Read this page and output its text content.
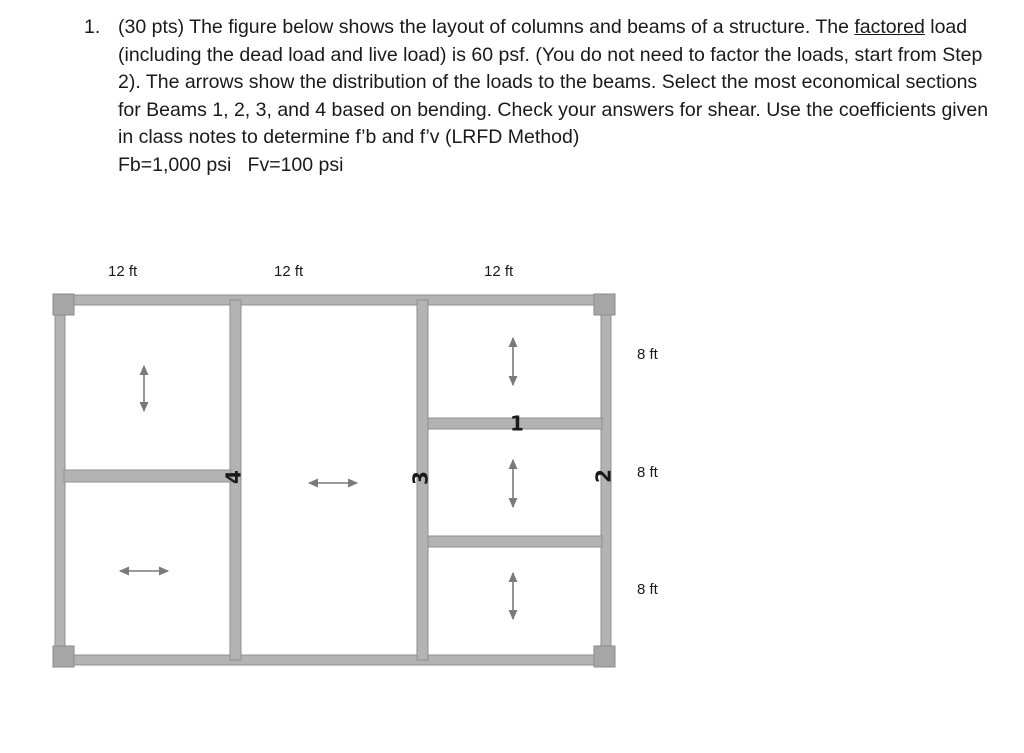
1. (30 pts) The figure below shows the layout of columns and beams of a structure. The factored load (including the dead load and live load) is 60 psf. (You do not need to factor the loads, start from Step 2). The arrows show the distribution of the loads to the beams. Select the most economical sections for Beams 1, 2, 3, and 4 based on bending. Check your answers for shear. Use the coefficients given in class notes to determine f’b and f’v (LRFD Method)
Fb=1,000 psi   Fv=100 psi
12 ft	12 ft	12 ft
8 ft
8 ft
8 ft
1
2
3
4
